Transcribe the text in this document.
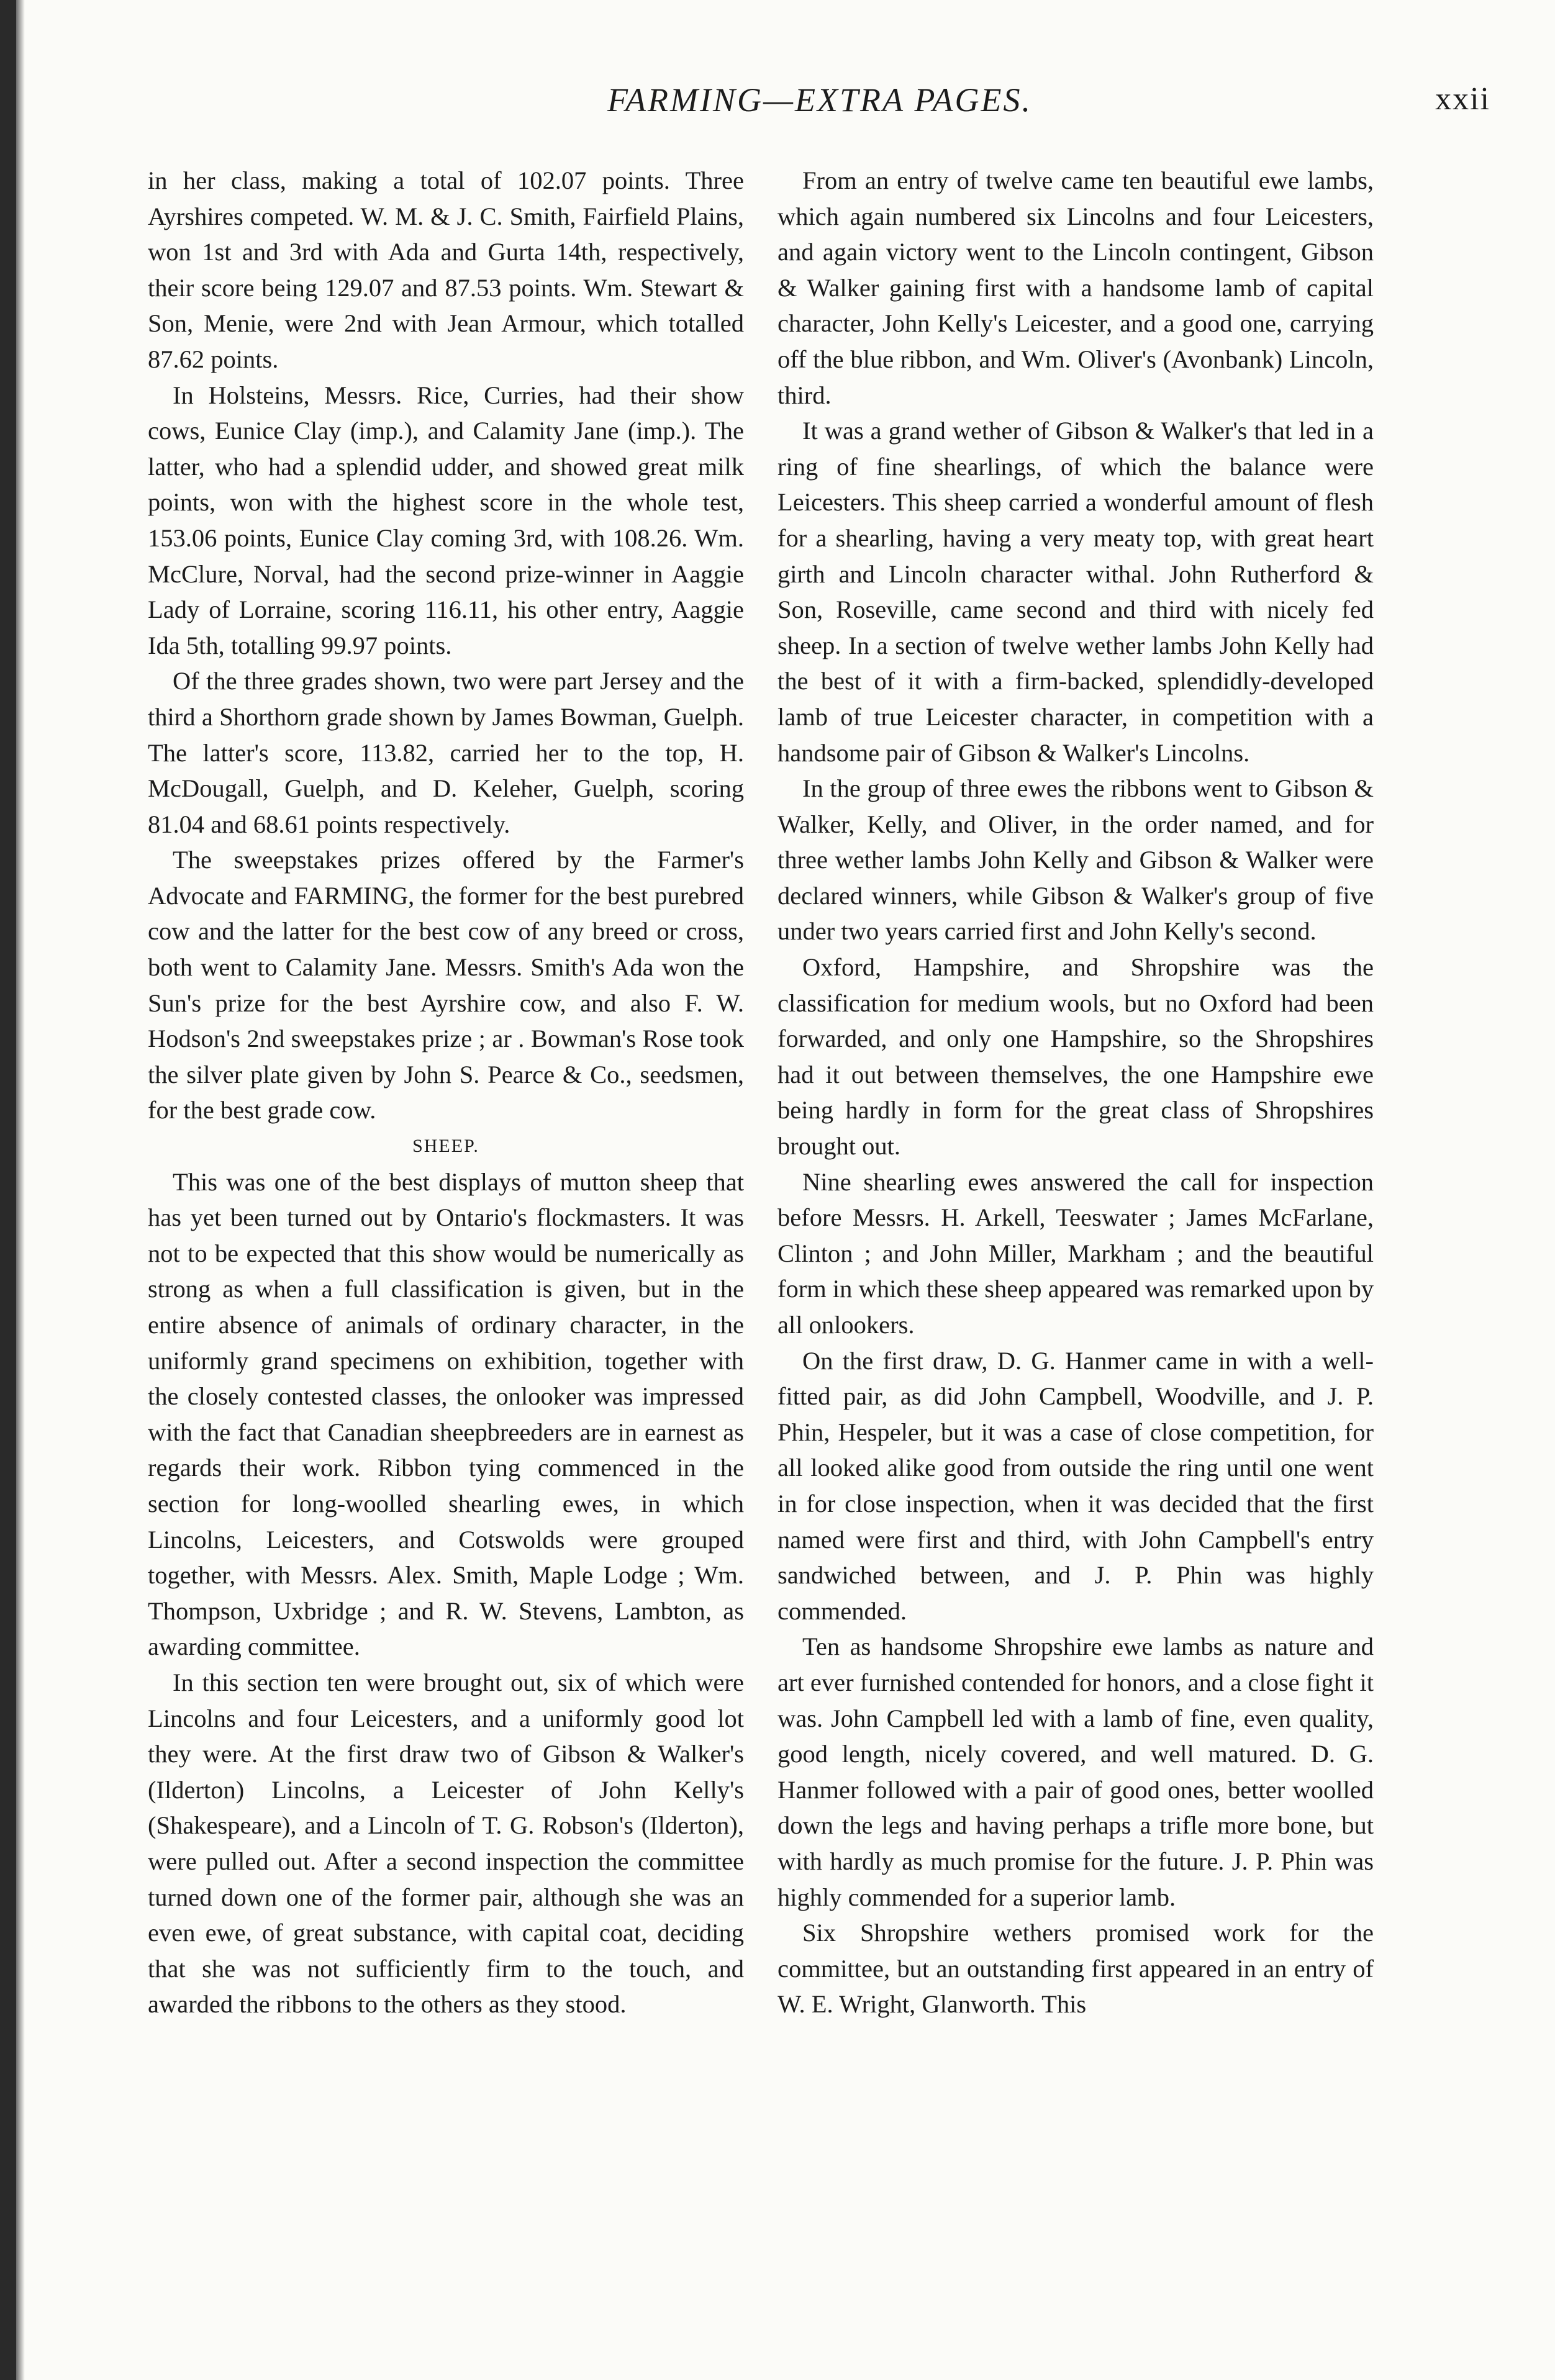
FARMING—EXTRA PAGES.	xxii

in her class, making a total of 102.07 points. Three Ayrshires competed. W. M. & J. C. Smith, Fairfield Plains, won 1st and 3rd with Ada and Gurta 14th, respectively, their score being 129.07 and 87.53 points. Wm. Stewart & Son, Menie, were 2nd with Jean Armour, which totalled 87.62 points.

In Holsteins, Messrs. Rice, Curries, had their show cows, Eunice Clay (imp.), and Calamity Jane (imp.). The latter, who had a splendid udder, and showed great milk points, won with the highest score in the whole test, 153.06 points, Eunice Clay coming 3rd, with 108.26. Wm. McClure, Norval, had the second prize-winner in Aaggie Lady of Lorraine, scoring 116.11, his other entry, Aaggie Ida 5th, totalling 99.97 points.

Of the three grades shown, two were part Jersey and the third a Shorthorn grade shown by James Bowman, Guelph. The latter's score, 113.82, carried her to the top, H. McDougall, Guelph, and D. Keleher, Guelph, scoring 81.04 and 68.61 points respectively.

The sweepstakes prizes offered by the Farmer's Advocate and FARMING, the former for the best purebred cow and the latter for the best cow of any breed or cross, both went to Calamity Jane. Messrs. Smith's Ada won the Sun's prize for the best Ayrshire cow, and also F. W. Hodson's 2nd sweepstakes prize ; ar . Bowman's Rose took the silver plate given by John S. Pearce & Co., seedsmen, for the best grade cow.

SHEEP.

This was one of the best displays of mutton sheep that has yet been turned out by Ontario's flockmasters. It was not to be expected that this show would be numerically as strong as when a full classification is given, but in the entire absence of animals of ordinary character, in the uniformly grand specimens on exhibition, together with the closely contested classes, the onlooker was impressed with the fact that Canadian sheepbreeders are in earnest as regards their work. Ribbon tying commenced in the section for long-woolled shearling ewes, in which Lincolns, Leicesters, and Cotswolds were grouped together, with Messrs. Alex. Smith, Maple Lodge ; Wm. Thompson, Uxbridge ; and R. W. Stevens, Lambton, as awarding committee.

In this section ten were brought out, six of which were Lincolns and four Leicesters, and a uniformly good lot they were. At the first draw two of Gibson & Walker's (Ilderton) Lincolns, a Leicester of John Kelly's (Shakespeare), and a Lincoln of T. G. Robson's (Ilderton), were pulled out. After a second inspection the committee turned down one of the former pair, although she was an even ewe, of great substance, with capital coat, deciding that she was not sufficiently firm to the touch, and awarded the ribbons to the others as they stood.

From an entry of twelve came ten beautiful ewe lambs, which again numbered six Lincolns and four Leicesters, and again victory went to the Lincoln contingent, Gibson & Walker gaining first with a handsome lamb of capital character, John Kelly's Leicester, and a good one, carrying off the blue ribbon, and Wm. Oliver's (Avonbank) Lincoln, third.

It was a grand wether of Gibson & Walker's that led in a ring of fine shearlings, of which the balance were Leicesters. This sheep carried a wonderful amount of flesh for a shearling, having a very meaty top, with great heart girth and Lincoln character withal. John Rutherford & Son, Roseville, came second and third with nicely fed sheep. In a section of twelve wether lambs John Kelly had the best of it with a firm-backed, splendidly-developed lamb of true Leicester character, in competition with a handsome pair of Gibson & Walker's Lincolns.

In the group of three ewes the ribbons went to Gibson & Walker, Kelly, and Oliver, in the order named, and for three wether lambs John Kelly and Gibson & Walker were declared winners, while Gibson & Walker's group of five under two years carried first and John Kelly's second.

Oxford, Hampshire, and Shropshire was the classification for medium wools, but no Oxford had been forwarded, and only one Hampshire, so the Shropshires had it out between themselves, the one Hampshire ewe being hardly in form for the great class of Shropshires brought out.

Nine shearling ewes answered the call for inspection before Messrs. H. Arkell, Teeswater ; James McFarlane, Clinton ; and John Miller, Markham ; and the beautiful form in which these sheep appeared was remarked upon by all onlookers.

On the first draw, D. G. Hanmer came in with a well-fitted pair, as did John Campbell, Woodville, and J. P. Phin, Hespeler, but it was a case of close competition, for all looked alike good from outside the ring until one went in for close inspection, when it was decided that the first named were first and third, with John Campbell's entry sandwiched between, and J. P. Phin was highly commended.

Ten as handsome Shropshire ewe lambs as nature and art ever furnished contended for honors, and a close fight it was. John Campbell led with a lamb of fine, even quality, good length, nicely covered, and well matured. D. G. Hanmer followed with a pair of good ones, better woolled down the legs and having perhaps a trifle more bone, but with hardly as much promise for the future. J. P. Phin was highly commended for a superior lamb.

Six Shropshire wethers promised work for the committee, but an outstanding first appeared in an entry of W. E. Wright, Glanworth. This
